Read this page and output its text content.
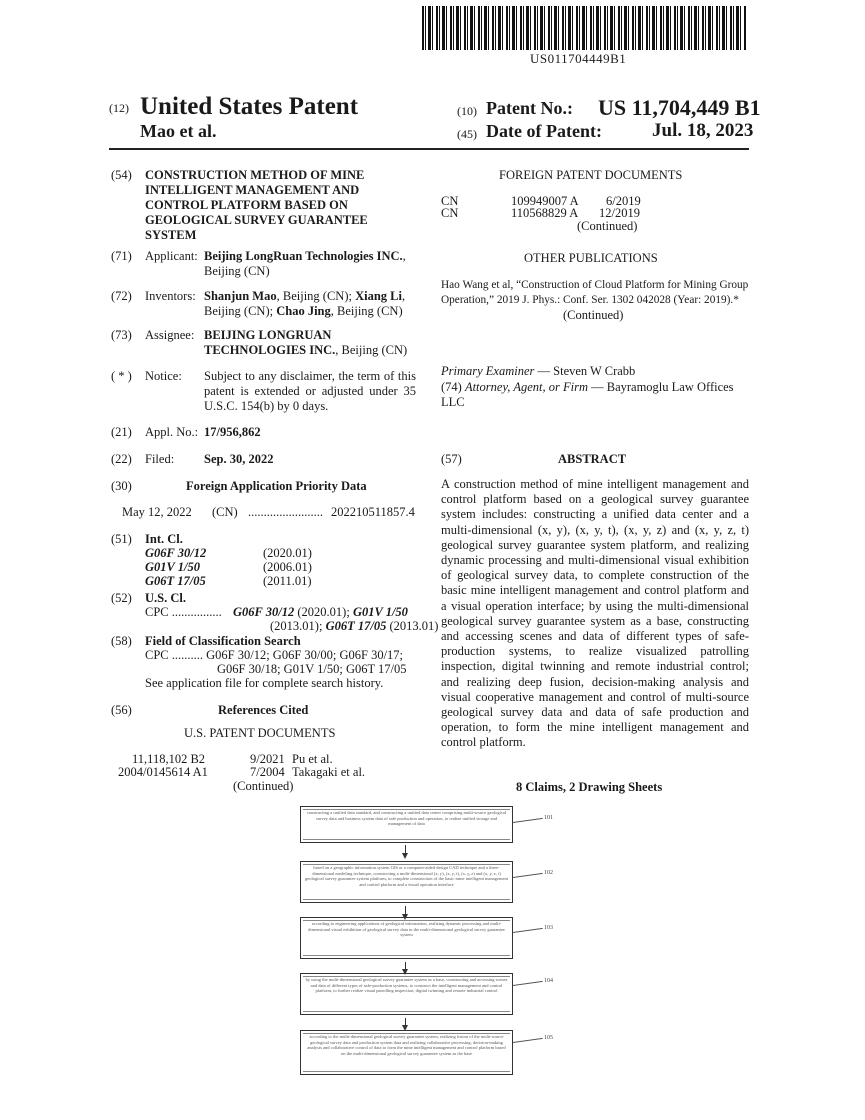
US011704449B1
(12) United States Patent
Mao et al.
(10) Patent No.: US 11,704,449 B1
(45) Date of Patent:	Jul. 18, 2023
(54) CONSTRUCTION METHOD OF MINE INTELLIGENT MANAGEMENT AND CONTROL PLATFORM BASED ON GEOLOGICAL SURVEY GUARANTEE SYSTEM
(71) Applicant: Beijing LongRuan Technologies INC., Beijing (CN)
(72) Inventors: Shanjun Mao, Beijing (CN); Xiang Li, Beijing (CN); Chao Jing, Beijing (CN)
(73) Assignee: BEIJING LONGRUAN TECHNOLOGIES INC., Beijing (CN)
( * ) Notice: Subject to any disclaimer, the term of this patent is extended or adjusted under 35 U.S.C. 154(b) by 0 days.
(21) Appl. No.: 17/956,862
(22) Filed: Sep. 30, 2022
(30)	Foreign Application Priority Data
May 12, 2022 (CN) ........................ 202210511857.4
(51) Int. Cl.
G06F 30/12	(2020.01)
G01V 1/50	(2006.01)
G06T 17/05	(2011.01)
(52) U.S. Cl.
CPC ................ G06F 30/12 (2020.01); G01V 1/50
(2013.01); G06T 17/05 (2013.01)
(58) Field of Classification Search
CPC .......... G06F 30/12; G06F 30/00; G06F 30/17;
G06F 30/18; G01V 1/50; G06T 17/05
See application file for complete search history.
(56)	References Cited
U.S. PATENT DOCUMENTS
11,118,102 B2	9/2021 Pu et al.
2004/0145614 A1	7/2004 Takagaki et al.
(Continued)
FOREIGN PATENT DOCUMENTS
CN	109949007 A 6/2019
CN	110568829 A 12/2019
(Continued)
OTHER PUBLICATIONS
Hao Wang et al, “Construction of Cloud Platform for Mining Group Operation,” 2019 J. Phys.: Conf. Ser. 1302 042028 (Year: 2019).*
(Continued)
Primary Examiner — Steven W Crabb
(74) Attorney, Agent, or Firm — Bayramoglu Law Offices LLC
(57)	ABSTRACT
A construction method of mine intelligent management and control platform based on a geological survey guarantee system includes: constructing a unified data center and a multi-dimensional (x, y), (x, y, t), (x, y, z) and (x, y, z, t) geological survey guarantee system platform, and realizing dynamic processing and multi-dimensional visual exhibition of geological survey data, to complete construction of the basic mine intelligent management and control platform and a visual operation interface; by using the multi-dimensional geological survey guarantee system as a base, constructing and accessing scenes and data of different types of safe-production systems, to realize visualized patrolling inspection, digital twinning and remote industrial control; and realizing deep fusion, decision-making analysis and visual cooperative management and control of multi-source geological survey data and data of safe production and operation, to form the mine intelligent management and control platform.
8 Claims, 2 Drawing Sheets
constructing a unified data standard, and constructing a unified data center comprising multi-source geological survey data and business system data of safe production and operation, to realize unified storage and management of data
based on a geographic information system GIS or a computer-aided design CAD technique and a three-dimensional modeling technique, constructing a multi-dimensional (x, y), (x, y, t), (x, y, z) and (x, y, z, t) geological survey guarantee system platform, to complete construction of the basic mine intelligent management and control platform and a visual operation interface
according to engineering applications of geological information, realizing dynamic processing and multi-dimensional visual exhibition of geological survey data in the multi-dimensional geological survey guarantee system
by using the multi-dimensional geological survey guarantee system as a base, constructing and accessing scenes and data of different types of safe-production systems, to construct the intelligent management and control platform, to further realize visual patrolling inspection, digital twinning and remote industrial control
according to the multi-dimensional geological survey guarantee system, realizing fusion of the multi-source geological survey data and production system data and realizing collaborative processing, decision-making analysis and collaborative control of data to form the mine intelligent management and control platform based on the multi-dimensional geological survey guarantee system as the base
101
102
103
104
105
